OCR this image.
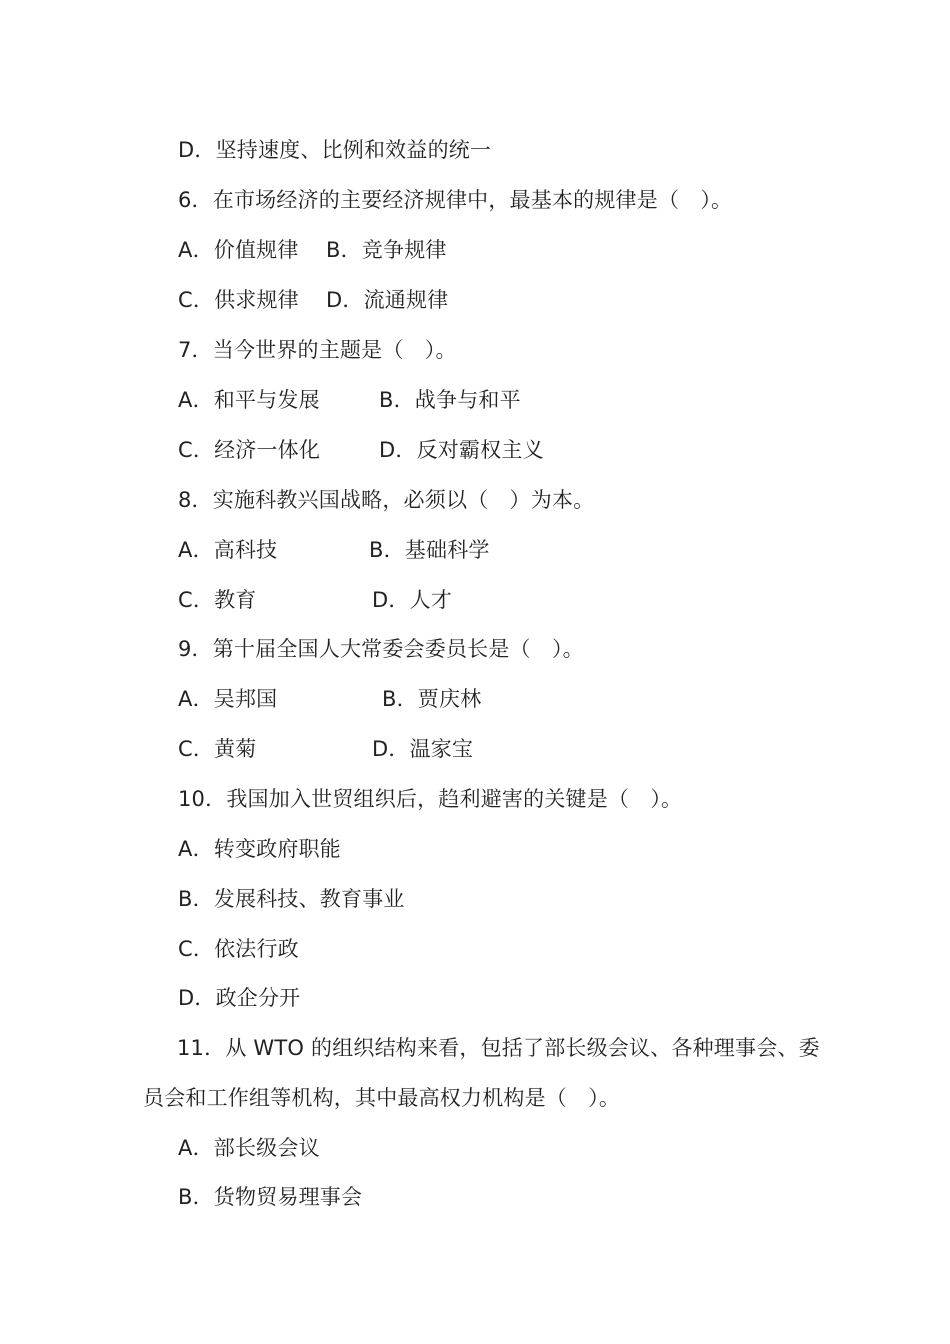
D．坚持速度、比例和效益的统一
6．在市场经济的主要经济规律中，最基本的规律是（　）。
A．价值规律 B．竞争规律
C．供求规律 D．流通规律
7．当今世界的主题是（　）。
A．和平与发展	B．战争与和平
C．经济一体化	D．反对霸权主义
8．实施科教兴国战略，必须以（　）为本。
A．高科技	B．基础科学
C．教育	D．人才
9．第十届全国人大常委会委员长是（　）。
A．吴邦国	B．贾庆林
C．黄菊	D．温家宝
10．我国加入世贸组织后，趋利避害的关键是（　）。
A．转变政府职能
B．发展科技、教育事业
C．依法行政
D．政企分开
11．从 WTO 的组织结构来看，包括了部长级会议、各种理事会、委
员会和工作组等机构，其中最高权力机构是（　）。
A．部长级会议
B．货物贸易理事会
